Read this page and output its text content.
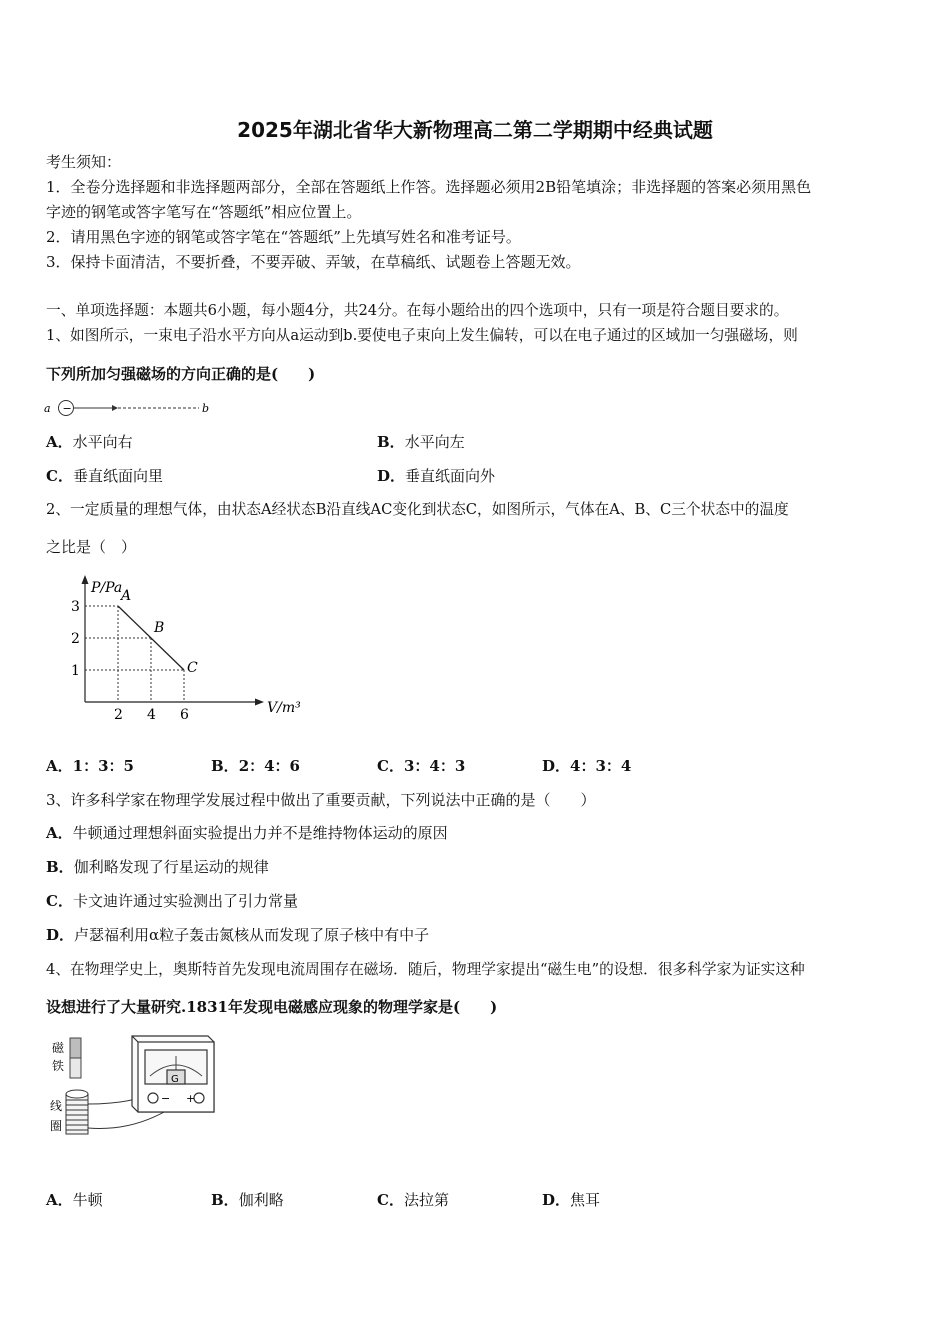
2025年湖北省华大新物理高二第二学期期中经典试题
考生须知：
1．全卷分选择题和非选择题两部分，全部在答题纸上作答。选择题必须用2B铅笔填涂；非选择题的答案必须用黑色
字迹的钢笔或答字笔写在“答题纸”相应位置上。
2．请用黑色字迹的钢笔或答字笔在“答题纸”上先填写姓名和准考证号。
3．保持卡面清洁，不要折叠，不要弄破、弄皱，在草稿纸、试题卷上答题无效。
一、单项选择题：本题共6小题，每小题4分，共24分。在每小题给出的四个选项中，只有一项是符合题目要求的。
1、如图所示，一束电子沿水平方向从a运动到b.要使电子束向上发生偏转，可以在电子通过的区域加一匀强磁场，则
下列所加匀强磁场的方向正确的是(　　)
a −	b
A．水平向右	B．水平向左
C．垂直纸面向里	D．垂直纸面向外
2、一定质量的理想气体，由状态A经状态B沿直线AC变化到状态C，如图所示，气体在A、B、C三个状态中的温度
之比是（　）
P/Pa
V/m³
1
2
3
2 4 6
A
B
C
A．1：3：5	B．2：4：6	C．3：4：3	D．4：3：4
3、许多科学家在物理学发展过程中做出了重要贡献，下列说法中正确的是（　　）
A．牛顿通过理想斜面实验提出力并不是维持物体运动的原因
B．伽利略发现了行星运动的规律
C．卡文迪许通过实验测出了引力常量
D．卢瑟福利用α粒子轰击氮核从而发现了原子核中有中子
4、在物理学史上，奥斯特首先发现电流周围存在磁场．随后，物理学家提出“磁生电”的设想．很多科学家为证实这种
设想进行了大量研究.1831年发现电磁感应现象的物理学家是(　　)
磁
铁
线
圈
G
− +
A．牛顿	B．伽利略	C．法拉第	D．焦耳
